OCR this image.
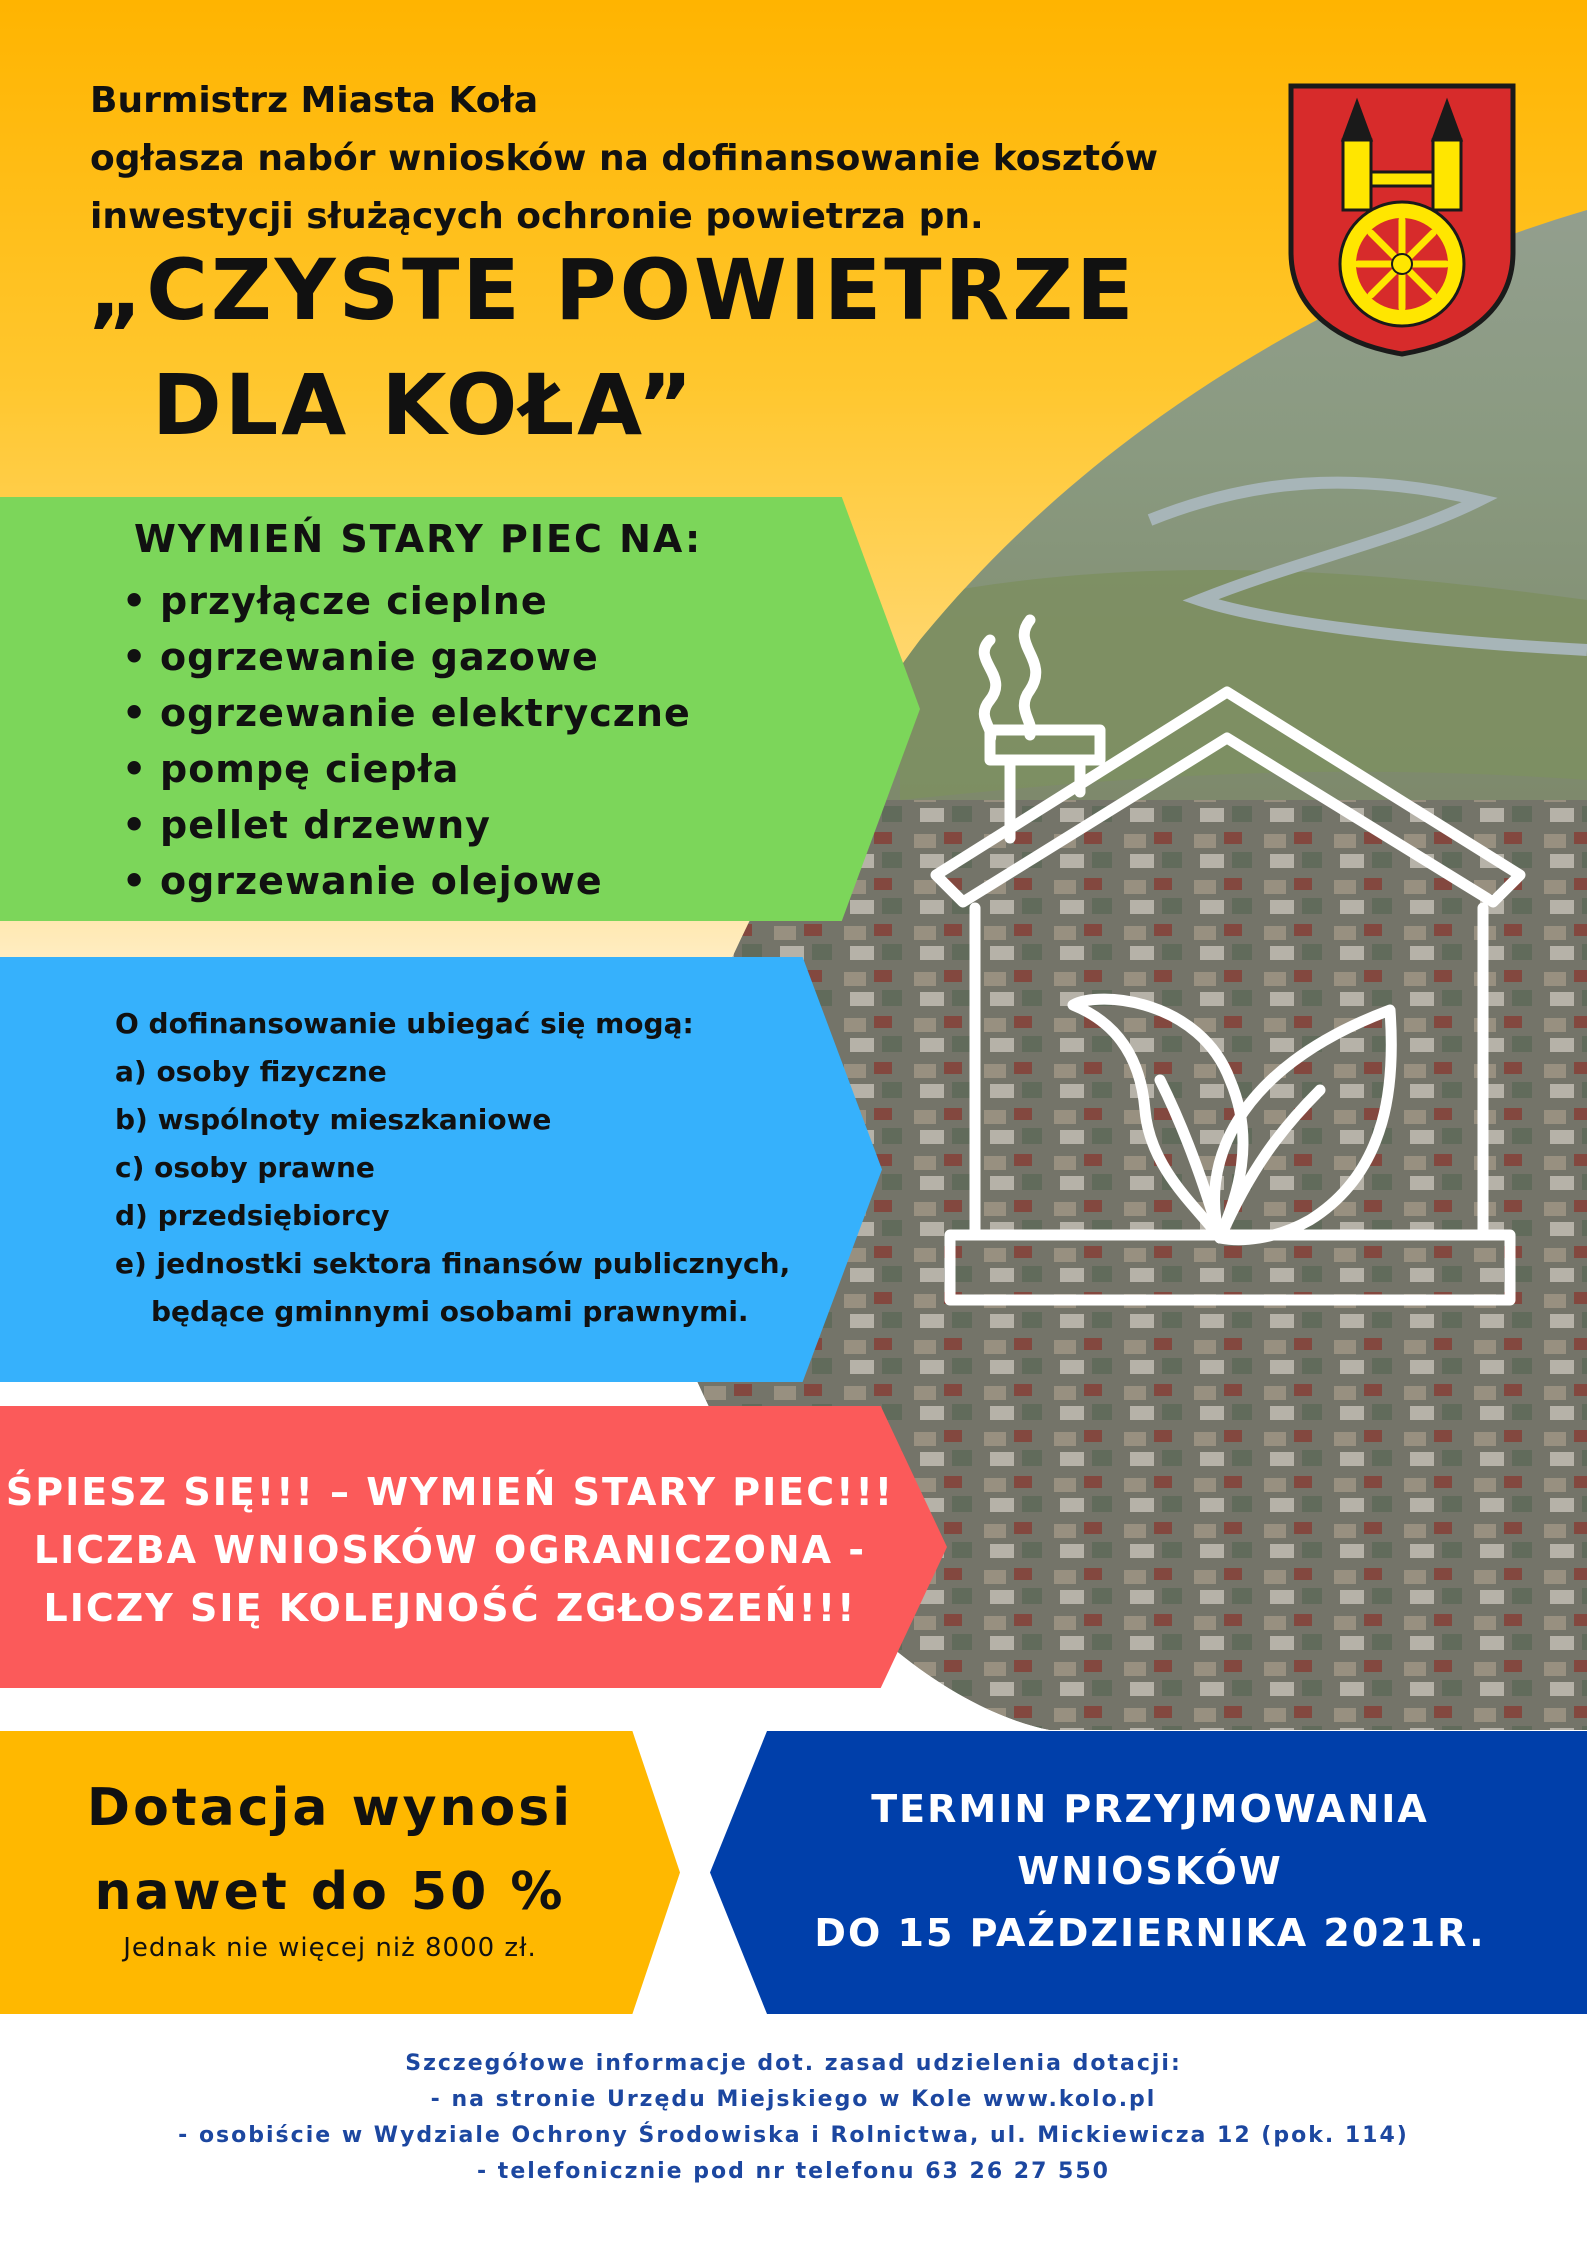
Burmistrz Miasta Koła
ogłasza nabór wniosków na dofinansowanie kosztów
inwestycji służących ochronie powietrza pn.
„CZYSTE POWIETRZE
DLA KOŁA”
WYMIEŃ STARY PIEC NA:
• przyłącze cieplne
• ogrzewanie gazowe
• ogrzewanie elektryczne
• pompę ciepła
• pellet drzewny
• ogrzewanie olejowe
O dofinansowanie ubiegać się mogą:
a) osoby fizyczne
b) wspólnoty mieszkaniowe
c) osoby prawne
d) przedsiębiorcy
e) jednostki sektora finansów publicznych,
będące gminnymi osobami prawnymi.
ŚPIESZ SIĘ!!! – WYMIEŃ STARY PIEC!!!
LICZBA WNIOSKÓW OGRANICZONA -
LICZY SIĘ KOLEJNOŚĆ ZGŁOSZEŃ!!!
Dotacja wynosi
nawet do 50 %
Jednak nie więcej niż 8000 zł.
TERMIN PRZYJMOWANIA
WNIOSKÓW
DO 15 PAŹDZIERNIKA 2021R.
Szczegółowe informacje dot. zasad udzielenia dotacji:
- na stronie Urzędu Miejskiego w Kole www.kolo.pl
- osobiście w Wydziale Ochrony Środowiska i Rolnictwa, ul. Mickiewicza 12 (pok. 114)
- telefonicznie pod nr telefonu 63 26 27 550
